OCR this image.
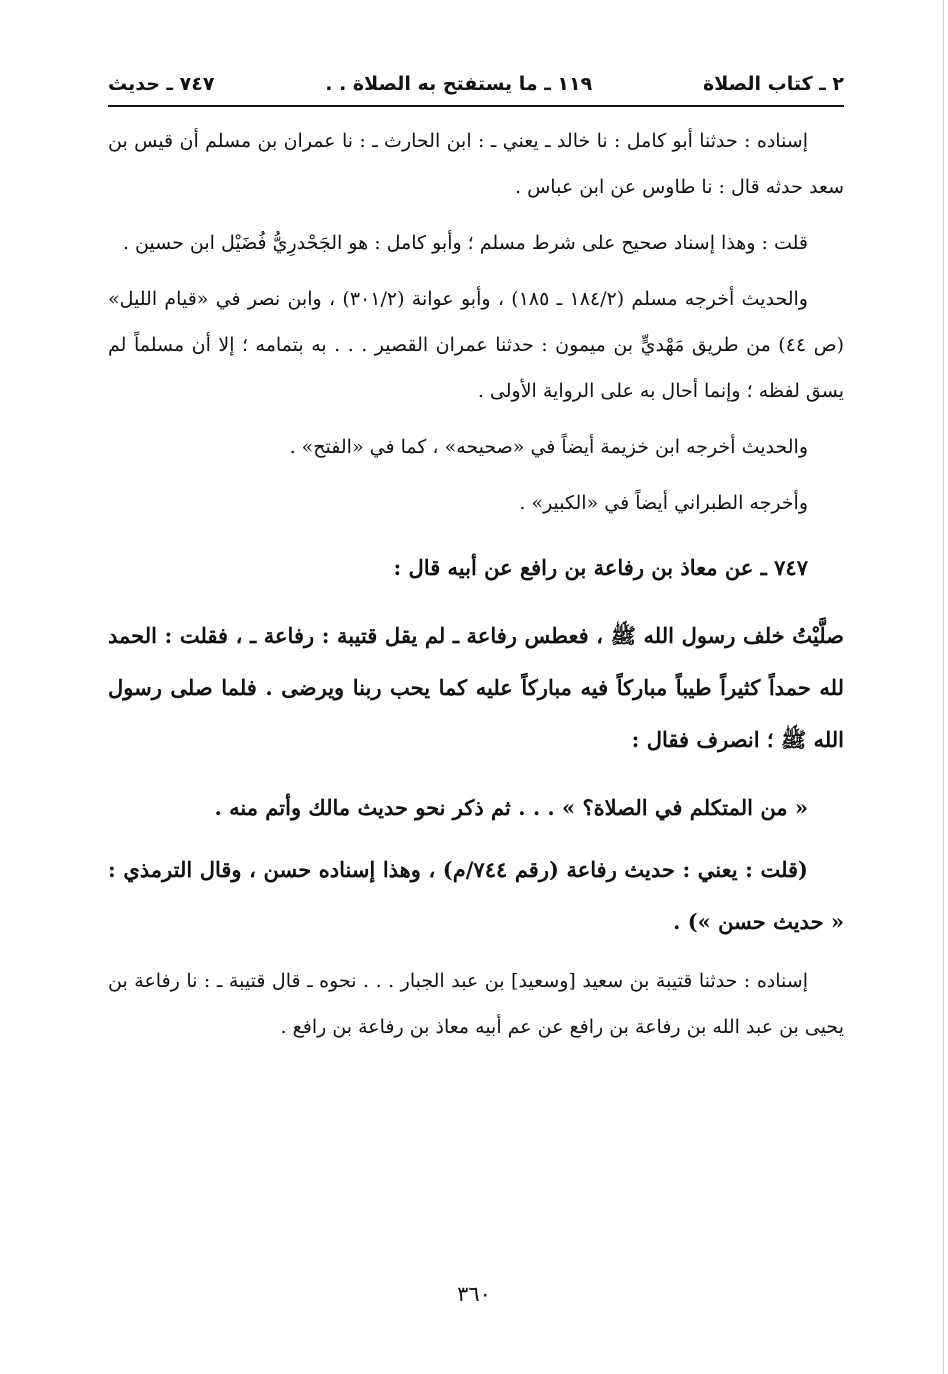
٢ ـ كتاب الصلاة
١١٩ ـ ما يستفتح به الصلاة . .
٧٤٧ ـ حديث

إسناده : حدثنا أبو كامل : نا خالد ـ يعني ـ : ابن الحارث ـ : نا عمران بن مسلم أن قيس بن سعد حدثه قال : نا طاوس عن ابن عباس .

قلت : وهذا إسناد صحيح على شرط مسلم ؛ وأبو كامل : هو الجَحْدرِيُّ فُضَيْل ابن حسين .

والحديث أخرجه مسلم (١٨٤/٢ ـ ١٨٥) ، وأبو عوانة (٣٠١/٢) ، وابن نصر في «قيام الليل» (ص ٤٤) من طريق مَهْديٍّ بن ميمون : حدثنا عمران القصير . . . به بتمامه ؛ إلا أن مسلماً لم يسق لفظه ؛ وإنما أحال به على الرواية الأولى .

والحديث أخرجه ابن خزيمة أيضاً في «صحيحه» ، كما في «الفتح» .

وأخرجه الطبراني أيضاً في «الكبير» .

٧٤٧ ـ عن معاذ بن رفاعة بن رافع عن أبيه قال :

صلَّيْتُ خلف رسول الله ﷺ ، فعطس رفاعة ـ لم يقل قتيبة : رفاعة ـ ، فقلت : الحمد لله حمداً كثيراً طيباً مباركاً فيه مباركاً عليه كما يحب ربنا ويرضى . فلما صلى رسول الله ﷺ ؛ انصرف فقال :

« من المتكلم في الصلاة؟ » . . . ثم ذكر نحو حديث مالك وأتم منه .

(قلت : يعني : حديث رفاعة (رقم ٧٤٤/م) ، وهذا إسناده حسن ، وقال الترمذي : « حديث حسن ») .

إسناده : حدثنا قتيبة بن سعيد [وسعيد] بن عبد الجبار . . . نحوه ـ قال قتيبة ـ : نا رفاعة بن يحيى بن عبد الله بن رفاعة بن رافع عن عم أبيه معاذ بن رفاعة بن رافع .

٣٦٠
